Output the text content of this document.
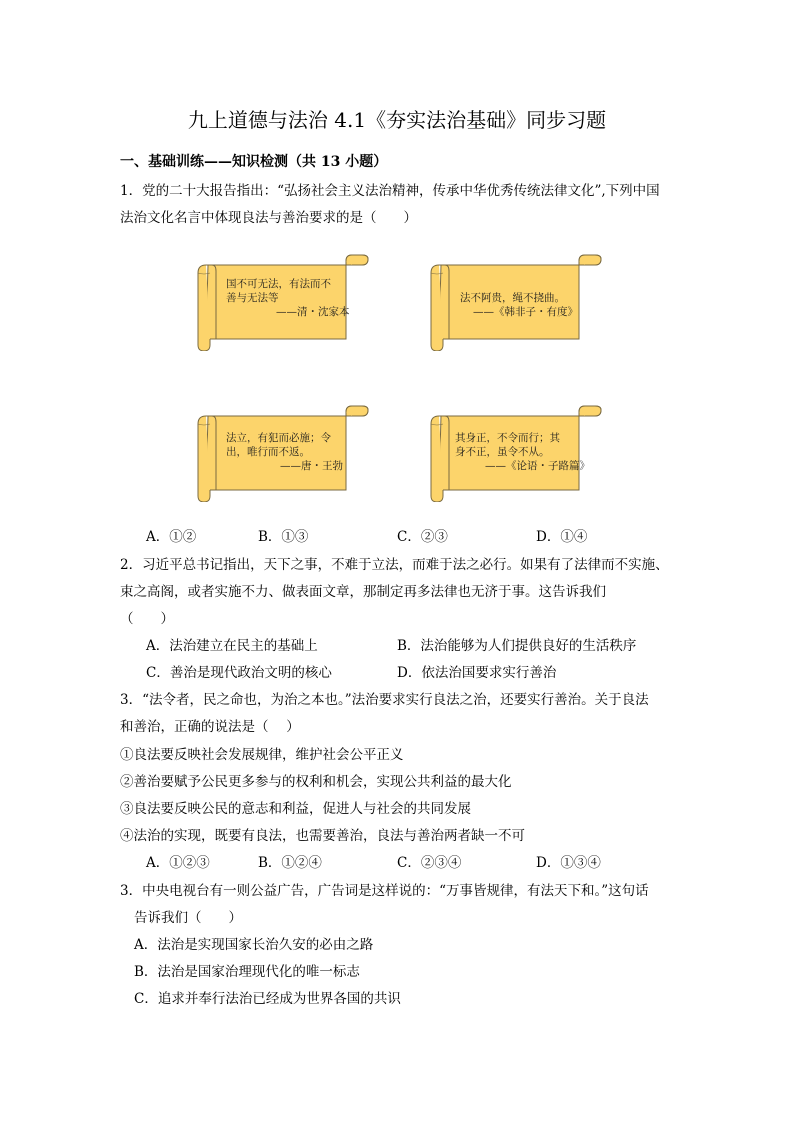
九上道德与法治 4.1《夯实法治基础》同步习题
一、基础训练——知识检测（共 13 小题）
1．党的二十大报告指出：“弘扬社会主义法治精神，传承中华优秀传统法律文化”,下列中国
法治文化名言中体现良法与善治要求的是（　　）
国不可无法，有法而不
善与无法等
——清・沈家本
法不阿贵，绳不挠曲。
——《韩非子・有度》
法立，有犯而必施；令
出，唯行而不返。
——唐・王勃
其身正，不令而行；其
身不正，虽令不从。
——《论语・子路篇》
A．①②	B．①③	C．②③	D．①④
2．习近平总书记指出，天下之事，不难于立法，而难于法之必行。如果有了法律而不实施、
束之高阁，或者实施不力、做表面文章，那制定再多法律也无济于事。这告诉我们
（　　）
A．法治建立在民主的基础上	B．法治能够为人们提供良好的生活秩序
C．善治是现代政治文明的核心	D．依法治国要求实行善治
3．“法令者，民之命也，为治之本也。”法治要求实行良法之治，还要实行善治。关于良法
和善治，正确的说法是（　 ）
①良法要反映社会发展规律，维护社会公平正义
②善治要赋予公民更多参与的权利和机会，实现公共利益的最大化
③良法要反映公民的意志和利益，促进人与社会的共同发展
④法治的实现，既要有良法，也需要善治，良法与善治两者缺一不可
A．①②③	B．①②④	C．②③④	D．①③④
3．中央电视台有一则公益广告，广告词是这样说的：“万事皆规律，有法天下和。”这句话
告诉我们（　　）
A．法治是实现国家长治久安的必由之路
B．法治是国家治理现代化的唯一标志
C．追求并奉行法治已经成为世界各国的共识
